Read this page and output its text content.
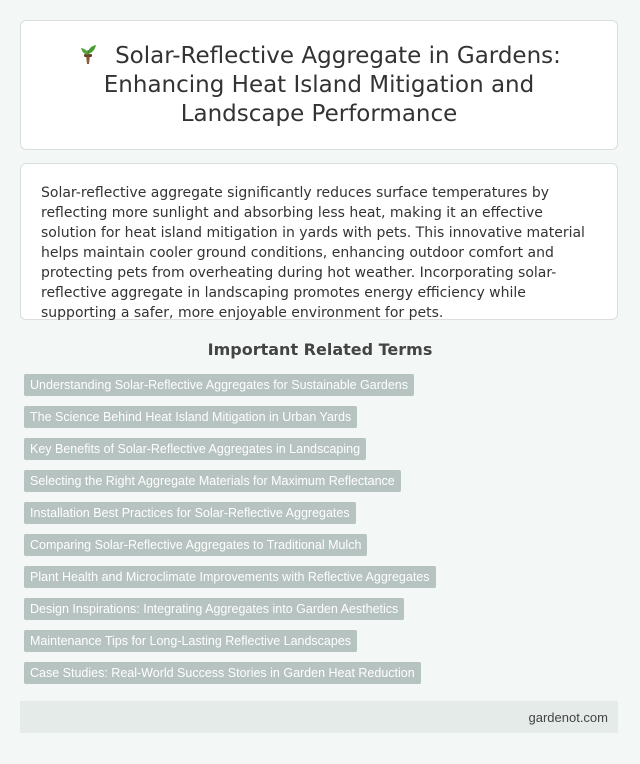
Solar-Reflective Aggregate in Gardens: Enhancing Heat Island Mitigation and Landscape Performance

Solar-reflective aggregate significantly reduces surface temperatures by reflecting more sunlight and absorbing less heat, making it an effective solution for heat island mitigation in yards with pets. This innovative material helps maintain cooler ground conditions, enhancing outdoor comfort and protecting pets from overheating during hot weather. Incorporating solar-reflective aggregate in landscaping promotes energy efficiency while supporting a safer, more enjoyable environment for pets.

Important Related Terms
Understanding Solar-Reflective Aggregates for Sustainable Gardens
The Science Behind Heat Island Mitigation in Urban Yards
Key Benefits of Solar-Reflective Aggregates in Landscaping
Selecting the Right Aggregate Materials for Maximum Reflectance
Installation Best Practices for Solar-Reflective Aggregates
Comparing Solar-Reflective Aggregates to Traditional Mulch
Plant Health and Microclimate Improvements with Reflective Aggregates
Design Inspirations: Integrating Aggregates into Garden Aesthetics
Maintenance Tips for Long-Lasting Reflective Landscapes
Case Studies: Real-World Success Stories in Garden Heat Reduction
gardenot.com
